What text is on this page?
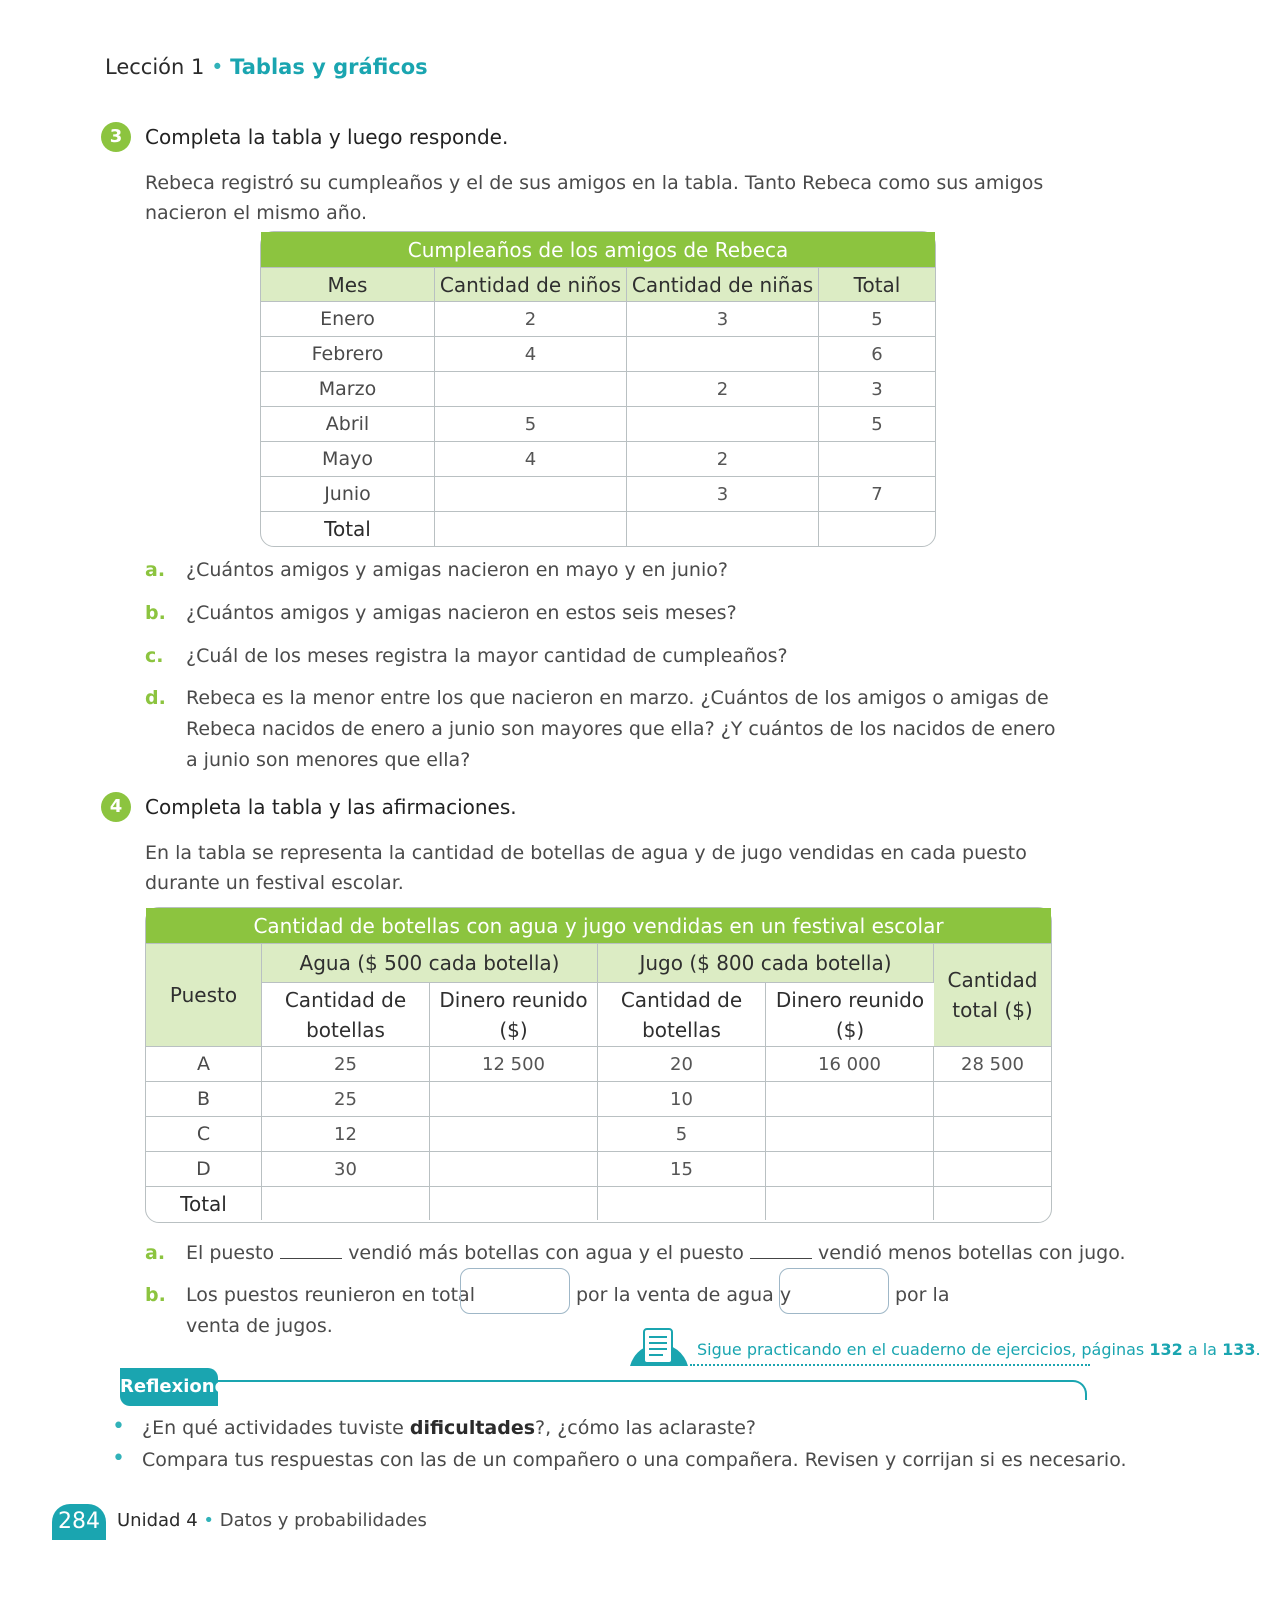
Lección 1 • Tablas y gráficos
3	Completa la tabla y luego responde.
Rebeca registró su cumpleaños y el de sus amigos en la tabla. Tanto Rebeca como sus amigos nacieron el mismo año.
Cumpleaños de los amigos de Rebeca			
Mes	Cantidad de niños	Cantidad de niñas	Total
Enero	2	3	5
Febrero	4		6
Marzo		2	3
Abril	5		5
Mayo	4	2	
Junio		3	7
Total			
a. ¿Cuántos amigos y amigas nacieron en mayo y en junio?
b. ¿Cuántos amigos y amigas nacieron en estos seis meses?
c. ¿Cuál de los meses registra la mayor cantidad de cumpleaños?
d. Rebeca es la menor entre los que nacieron en marzo. ¿Cuántos de los amigos o amigas de Rebeca nacidos de enero a junio son mayores que ella? ¿Y cuántos de los nacidos de enero a junio son menores que ella?
4	Completa la tabla y las afirmaciones.
En la tabla se representa la cantidad de botellas de agua y de jugo vendidas en cada puesto durante un festival escolar.
Cantidad de botellas con agua y jugo vendidas en un festival escolar					
Puesto	Agua ($ 500 cada botella)		Jugo ($ 800 cada botella)		Cantidad total ($)
	Cantidad de botellas	Dinero reunido ($)	Cantidad de botellas	Dinero reunido ($)	
A	25	12 500	20	16 000	28 500
B	25		10		
C	12		5		
D	30		15		
Total					
a. El puesto	vendió más botellas con agua y el puesto	vendió menos botellas con jugo.
b. Los puestos reunieron en total	por la venta de agua y	por la
venta de jugos.
Sigue practicando en el cuaderno de ejercicios, páginas 132 a la 133.
Reflexiono
• ¿En qué actividades tuviste dificultades?, ¿cómo las aclaraste?
• Compara tus respuestas con las de un compañero o una compañera. Revisen y corrijan si es necesario.
284 Unidad 4 • Datos y probabilidades
